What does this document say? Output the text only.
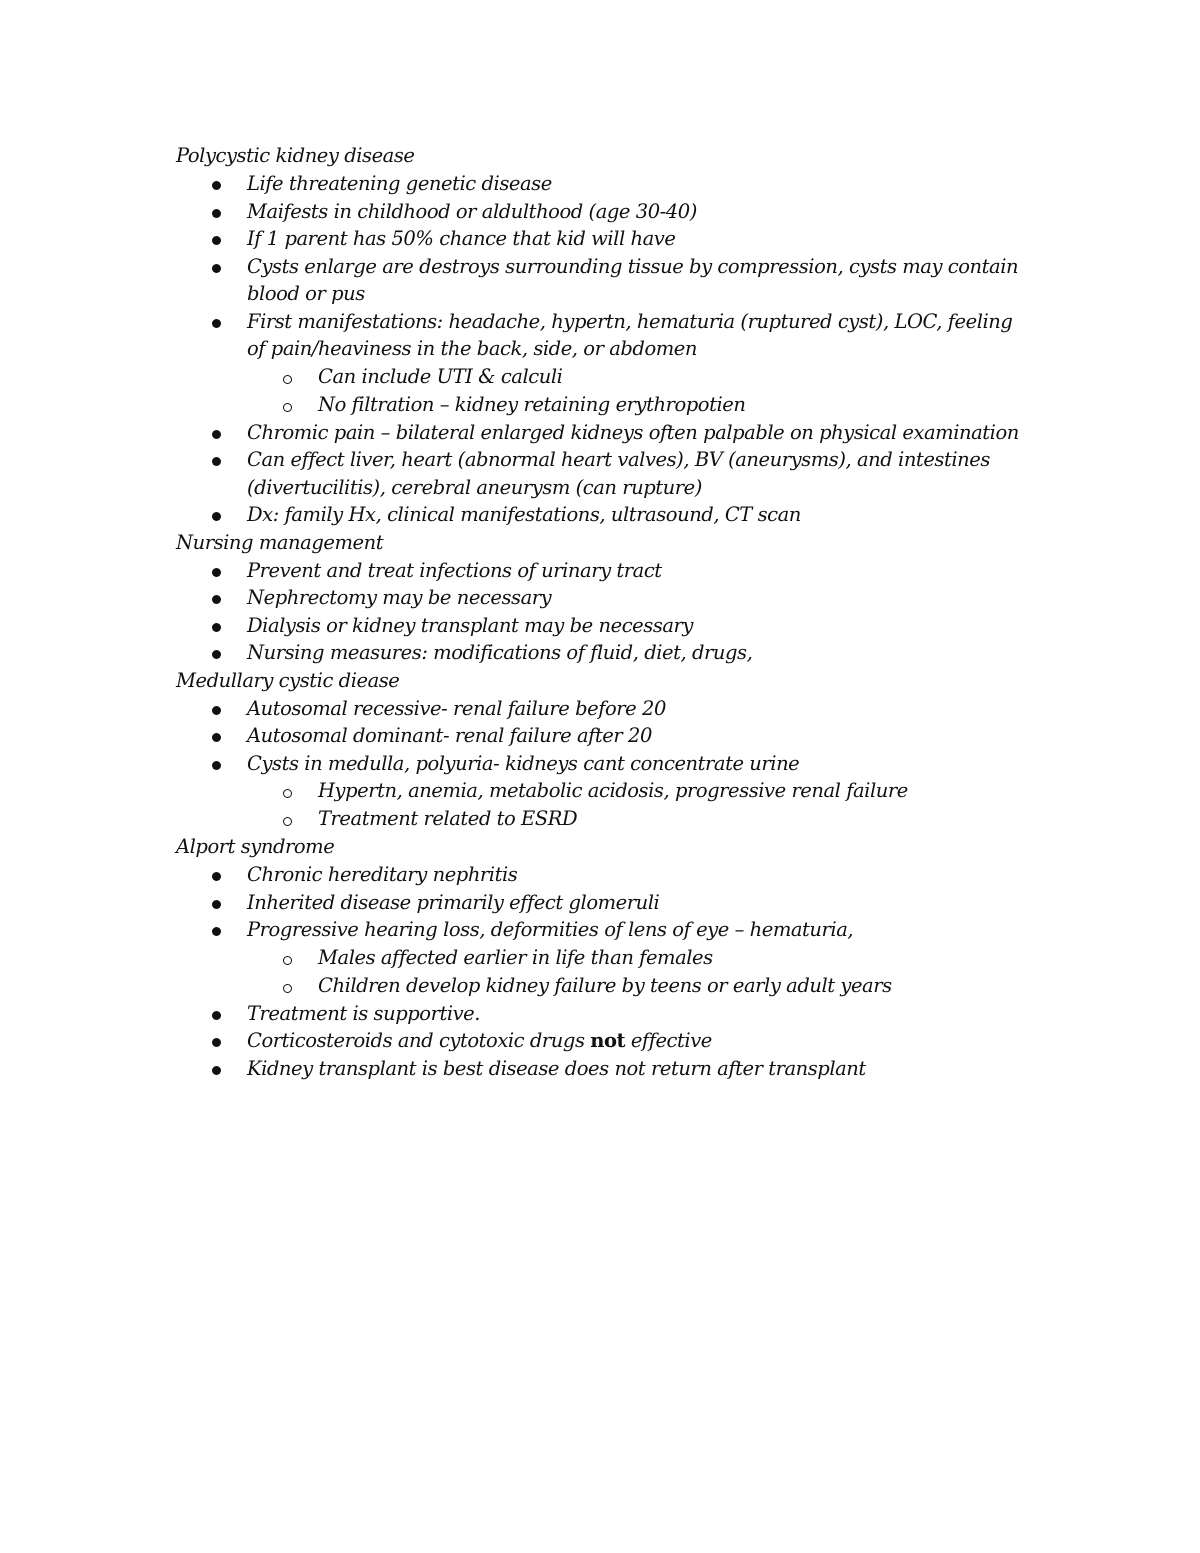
Polycystic kidney disease
Life threatening genetic disease
Maifests in childhood or aldulthood (age 30-40)
If 1 parent has 50% chance that kid will have
Cysts enlarge are destroys surrounding tissue by compression, cysts may contain blood or pus
First manifestations: headache, hypertn, hematuria (ruptured cyst), LOC, feeling of pain/heaviness in the back, side, or abdomen
Can include UTI & calculi
No filtration – kidney retaining erythropotien
Chromic pain – bilateral enlarged kidneys often palpable on physical examination
Can effect liver, heart (abnormal heart valves), BV (aneurysms), and intestines (divertucilitis), cerebral aneurysm (can rupture)
Dx: family Hx, clinical manifestations, ultrasound, CT scan
Nursing management
Prevent and treat infections of urinary tract
Nephrectomy may be necessary
Dialysis or kidney transplant may be necessary
Nursing measures: modifications of fluid, diet, drugs,
Medullary cystic diease
Autosomal recessive- renal failure before 20
Autosomal dominant- renal failure after 20
Cysts in medulla, polyuria- kidneys cant concentrate urine
Hypertn, anemia, metabolic acidosis, progressive renal failure
Treatment related to ESRD
Alport syndrome
Chronic hereditary nephritis
Inherited disease primarily effect glomeruli
Progressive hearing loss, deformities of lens of eye – hematuria,
Males affected earlier in life than females
Children develop kidney failure by teens or early adult years
Treatment is supportive.
Corticosteroids and cytotoxic drugs not effective
Kidney transplant is best disease does not return after transplant
